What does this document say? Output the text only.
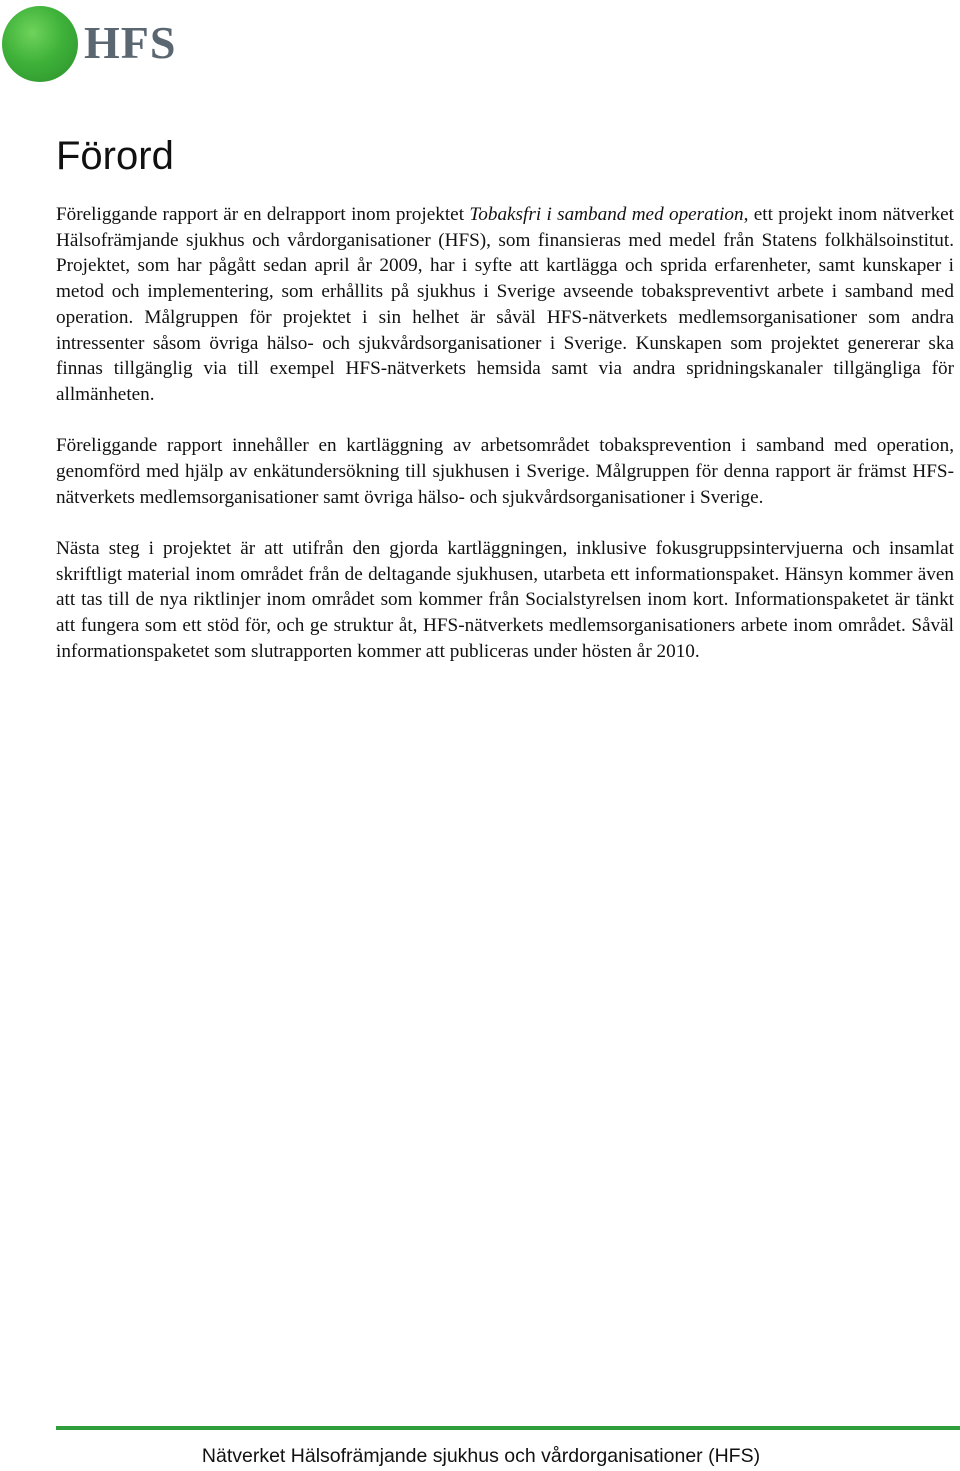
HFS
Förord

Föreliggande rapport är en delrapport inom projektet Tobaksfri i samband med operation, ett projekt inom nätverket Hälsofrämjande sjukhus och vårdorganisationer (HFS), som finansieras med medel från Statens folkhälsoinstitut. Projektet, som har pågått sedan april år 2009, har i syfte att kartlägga och sprida erfarenheter, samt kunskaper i metod och implementering, som erhållits på sjukhus i Sverige avseende tobakspreventivt arbete i samband med operation. Målgruppen för projektet i sin helhet är såväl HFS-nätverkets medlemsorganisationer som andra intressenter såsom övriga hälso- och sjukvårdsorganisationer i Sverige. Kunskapen som projektet genererar ska finnas tillgänglig via till exempel HFS-nätverkets hemsida samt via andra spridningskanaler tillgängliga för allmänheten.

Föreliggande rapport innehåller en kartläggning av arbetsområdet tobaksprevention i samband med operation, genomförd med hjälp av enkätundersökning till sjukhusen i Sverige. Målgruppen för denna rapport är främst HFS-nätverkets medlemsorganisationer samt övriga hälso- och sjukvårdsorganisationer i Sverige.

Nästa steg i projektet är att utifrån den gjorda kartläggningen, inklusive fokusgruppsintervjuerna och insamlat skriftligt material inom området från de deltagande sjukhusen, utarbeta ett informationspaket. Hänsyn kommer även att tas till de nya riktlinjer inom området som kommer från Socialstyrelsen inom kort. Informationspaketet är tänkt att fungera som ett stöd för, och ge struktur åt, HFS-nätverkets medlemsorganisationers arbete inom området. Såväl informationspaketet som slutrapporten kommer att publiceras under hösten år 2010.

Nätverket Hälsofrämjande sjukhus och vårdorganisationer (HFS)
